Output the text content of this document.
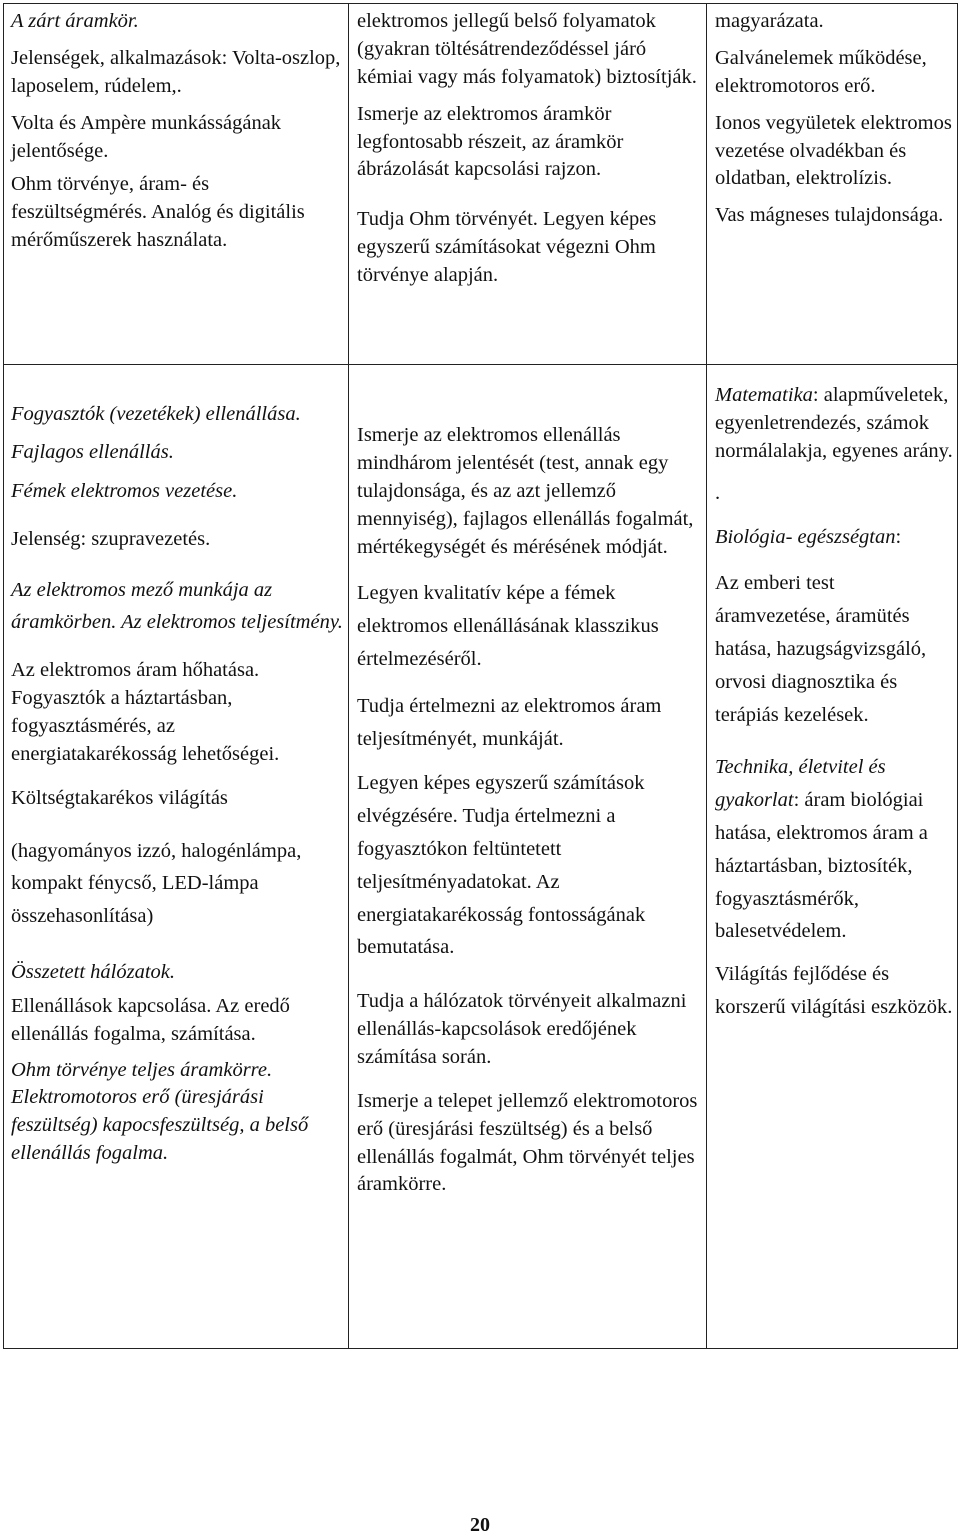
A zárt áramkör.

Jelenségek, alkalmazások: Volta-oszlop, laposelem, rúdelem,.

Volta és Ampère munkásságának jelentősége.

Ohm törvénye, áram- és feszültségmérés. Analóg és digitális mérőműszerek használata.

elektromos jellegű belső folyamatok (gyakran töltésátrendeződéssel járó kémiai vagy más folyamatok) biztosítják.

Ismerje az elektromos áramkör legfontosabb részeit, az áramkör ábrázolását kapcsolási rajzon.

Tudja Ohm törvényét. Legyen képes egyszerű számításokat végezni Ohm törvénye alapján.

magyarázata.

Galvánelemek működése, elektromotoros erő.

Ionos vegyületek elektromos vezetése olvadékban és oldatban, elektrolízis.

Vas mágneses tulajdonsága.

Fogyasztók (vezetékek) ellenállása. Fajlagos ellenállás.

Fémek elektromos vezetése.

Jelenség: szupravezetés.

Az elektromos mező munkája az áramkörben. Az elektromos teljesítmény.

Az elektromos áram hőhatása. Fogyasztók a háztartásban, fogyasztásmérés, az energiatakarékosság lehetőségei.

Költségtakarékos világítás

(hagyományos izzó, halogénlámpa, kompakt fénycső, LED-lámpa összehasonlítása)

Összetett hálózatok.

Ellenállások kapcsolása. Az eredő ellenállás fogalma, számítása.

Ohm törvénye teljes áramkörre. Elektromotoros erő (üresjárási feszültség) kapocsfeszültség, a belső ellenállás fogalma.

Ismerje az elektromos ellenállás mindhárom jelentését (test, annak egy tulajdonsága, és az azt jellemző mennyiség), fajlagos ellenállás fogalmát, mértékegységét és mérésének módját.

Legyen kvalitatív képe a fémek elektromos ellenállásának klasszikus értelmezéséről.

Tudja értelmezni az elektromos áram teljesítményét, munkáját.

Legyen képes egyszerű számítások elvégzésére. Tudja értelmezni a fogyasztókon feltüntetett teljesítményadatokat. Az energiatakarékosság fontosságának bemutatása.

Tudja a hálózatok törvényeit alkalmazni ellenállás-kapcsolások eredőjének számítása során.

Ismerje a telepet jellemző elektromotoros erő (üresjárási feszültség) és a belső ellenállás fogalmát, Ohm törvényét teljes áramkörre.

Matematika: alapműveletek, egyenletrendezés, számok normálalakja, egyenes arány.

.

Biológia- egészségtan:

Az emberi test áramvezetése, áramütés hatása, hazugságvizsgáló, orvosi diagnosztika és terápiás kezelések.

Technika, életvitel és gyakorlat: áram biológiai hatása, elektromos áram a háztartásban, biztosíték, fogyasztásmérők, balesetvédelem.

Világítás fejlődése és korszerű világítási eszközök.

20
